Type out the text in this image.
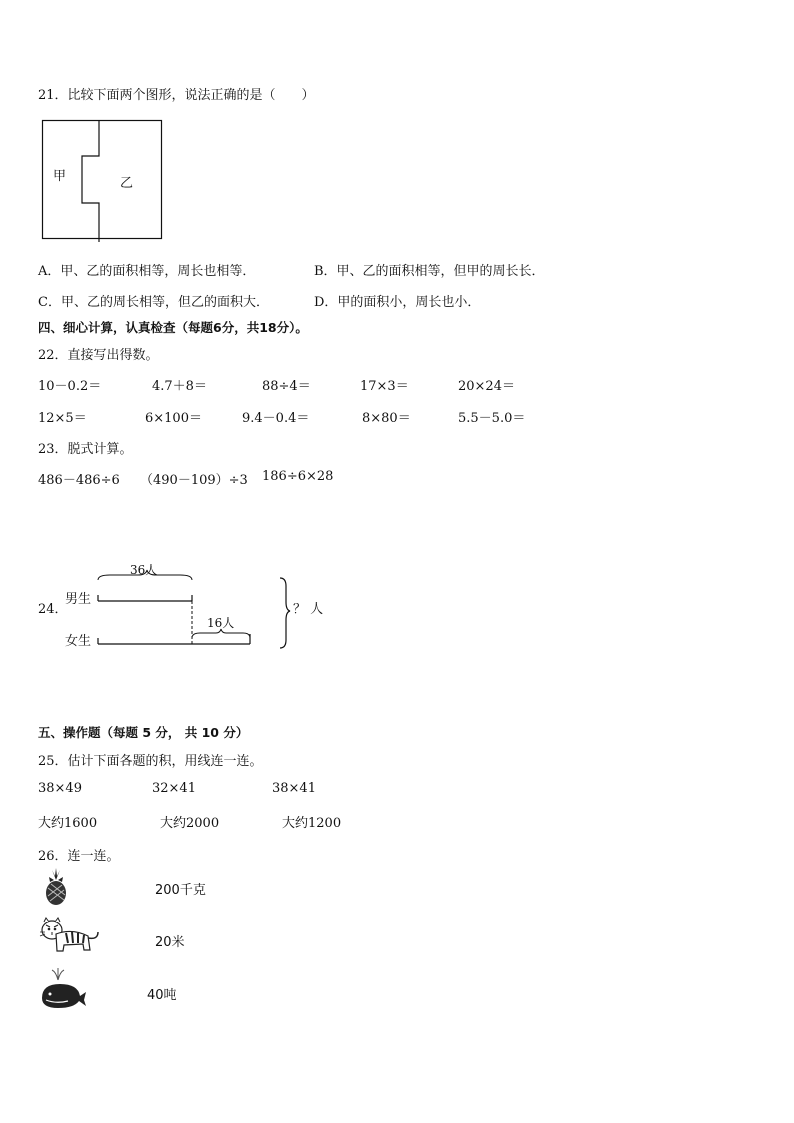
21．比较下面两个图形，说法正确的是（　　）
甲	乙
A．甲、乙的面积相等，周长也相等．	B．甲、乙的面积相等，但甲的周长长．
C．甲、乙的周长相等，但乙的面积大．	D．甲的面积小，周长也小．
四、细心计算，认真检查（每题6分，共18分）。
22．直接写出得数。
10－0.2＝	4.7＋8＝	88÷4＝	17×3＝	20×24＝
12×5＝	6×100＝	9.4－0.4＝	8×80＝	5.5－5.0＝
23．脱式计算。
486－486÷6 （490－109）÷3 186÷6×28
24．
男生
女生
36人
16人
？ 人
五、操作题（每题 5 分， 共 10 分）
25．估计下面各题的积，用线连一连。
38×49	32×41	38×41
大约1600	大约2000	大约1200
26．连一连。
200千克
20米
40吨
